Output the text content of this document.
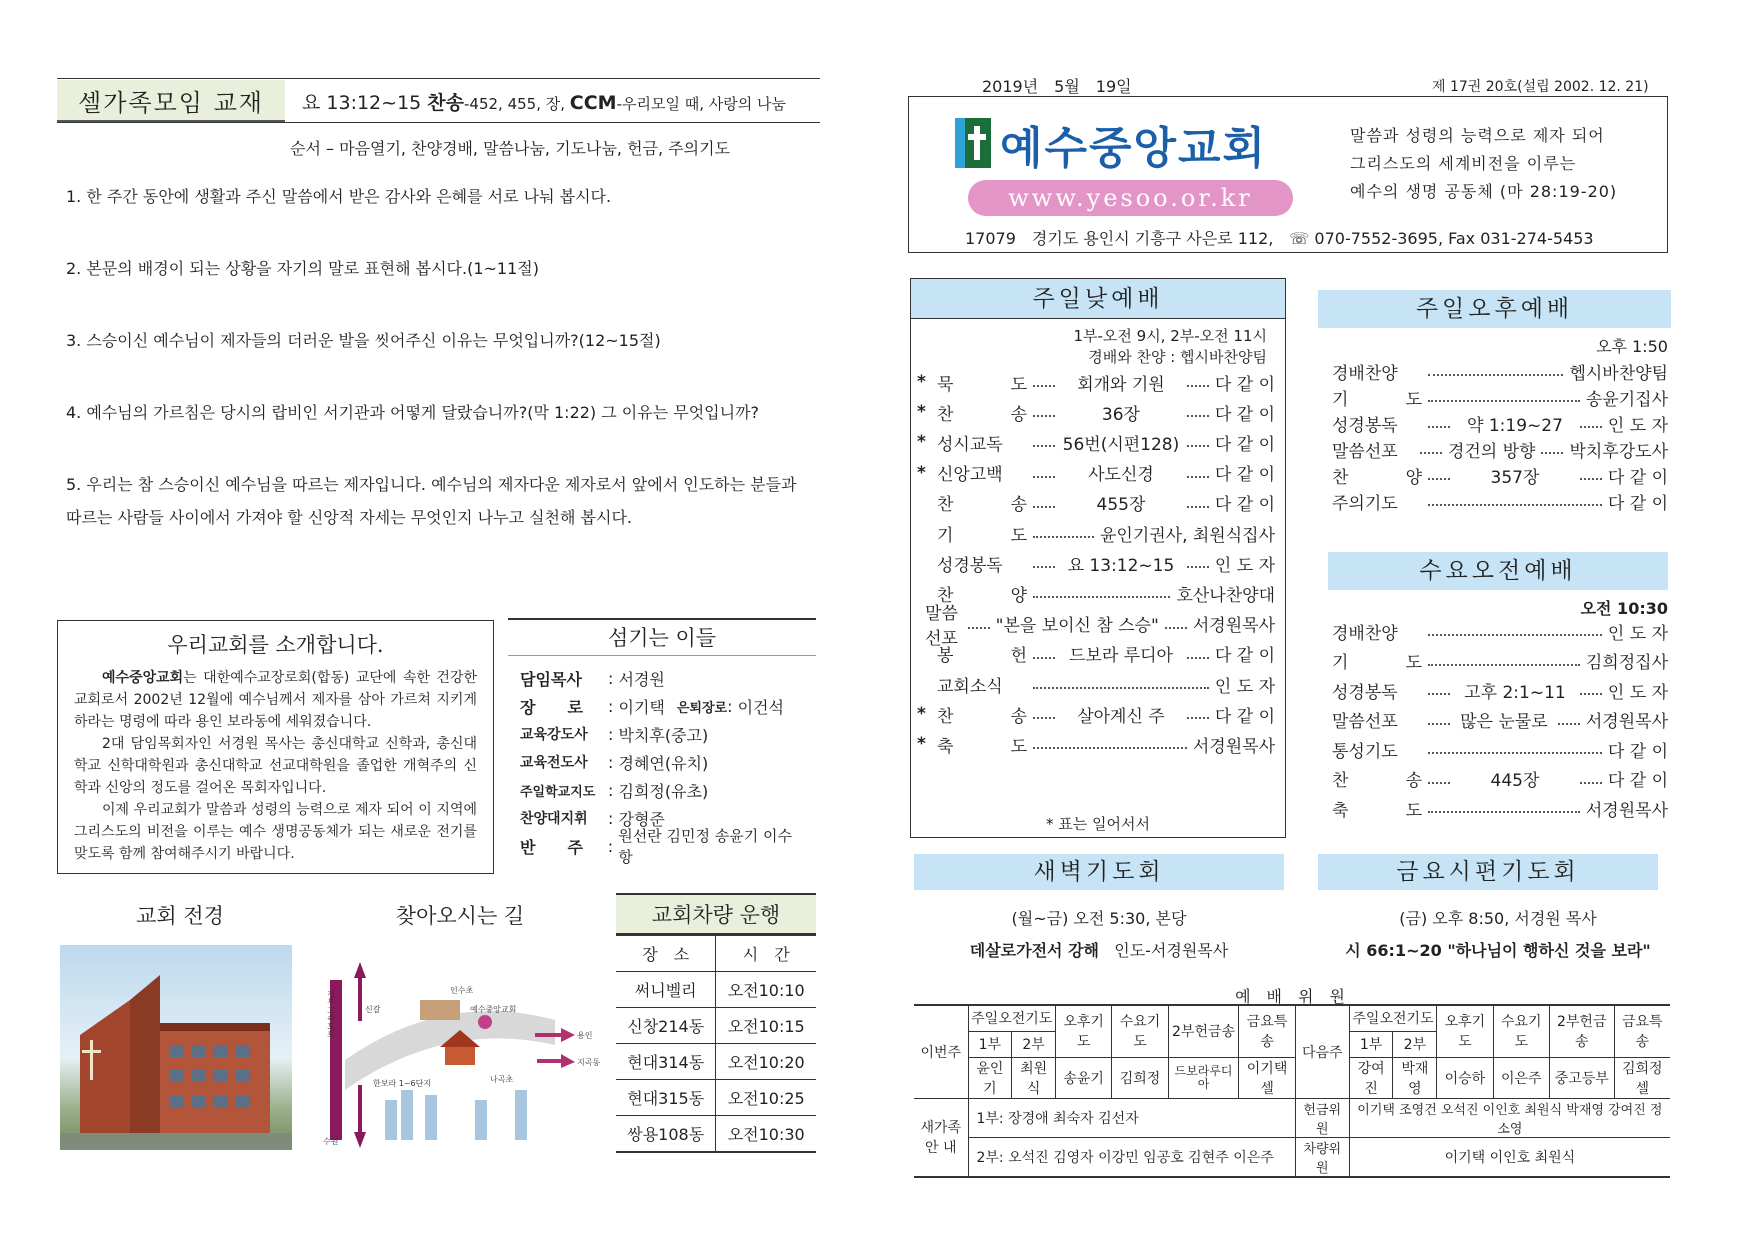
셀가족모임 교재	요 13:12~15 찬송-452, 455, 장, CCM-우리모일 때, 사랑의 나눔
순서 – 마음열기, 찬양경배, 말씀나눔, 기도나눔, 헌금, 주의기도
1. 한 주간 동안에 생활과 주신 말씀에서 받은 감사와 은혜를 서로 나눠 봅시다.
2. 본문의 배경이 되는 상황을 자기의 말로 표현해 봅시다.(1~11절)
3. 스승이신 예수님이 제자들의 더러운 발을 씻어주신 이유는 무엇입니까?(12~15절)
4. 예수님의 가르침은 당시의 랍비인 서기관과 어떻게 달랐습니까?(막 1:22) 그 이유는 무엇입니까?
5. 우리는 참 스승이신 예수님을 따르는 제자입니다. 예수님의 제자다운 제자로서 앞에서 인도하는 분들과 따르는 사람들 사이에서 가져야 할 신앙적 자세는 무엇인지 나누고 실천해 봅시다.
우리교회를 소개합니다.
예수중앙교회는 대한예수교장로회(합동) 교단에 속한 건강한 교회로서 2002년 12월에 예수님께서 제자를 삼아 가르쳐 지키게 하라는 명령에 따라 용인 보라동에 세워졌습니다.
2대 담임목회자인 서경원 목사는 총신대학교 신학과, 총신대학교 신학대학원과 총신대학교 선교대학원을 졸업한 개혁주의 신학과 신앙의 정도를 걸어온 목회자입니다.
이제 우리교회가 말씀과 성령의 능력으로 제자 되어 이 지역에 그리스도의 비전을 이루는 예수 생명공동체가 되는 새로운 전기를 맞도록 함께 참여해주시기 바랍니다.
섬기는 이들
담임목사	: 서경원
장　　로	: 이기택 은퇴장로 : 이건석
교육강도사	: 박치후(중고)
교육전도사	: 경혜연(유치)
주일학교지도 : 김희정(유초)
찬양대지휘	: 강형준
반　　주	:
원선란 김민정 송윤기 이수항
교회 전경	찾아오시는 길
경부고속도로	신갈
수원
예수중앙교회
용인
지곡동
한보라 1~6단지
인수초
나곡초
교회차량 운행
장　소	시　간
써니벨리	오전10:10
신창214동	오전10:15
현대314동	오전10:20
현대315동	오전10:25
쌍용108동	오전10:30
2019년　5월　19일	제 17권 20호(설립 2002. 12. 21)
예수중앙교회
www.yesoo.or.kr
말씀과 성령의 능력으로 제자 되어
그리스도의 세계비전을 이루는
예수의 생명 공동체 (마 28:19-20)
17079　경기도 용인시 기흥구 사은로 112,　☏ 070-7552-3695, Fax 031-274-5453
주일낮예배
1부-오전 9시, 2부-오전 11시
경배와 찬양 : 헵시바찬양팀
* 묵　도	회개와 기원	다 같 이
* 찬　송	36장	다 같 이
* 성시교독	56번(시편128) 다 같 이
* 신앙고백	사도신경	다 같 이
찬　송	455장	다 같 이
기　도	윤인기권사, 최원식집사
성경봉독	요 13:12~15	인 도 자
찬　양	호산나찬양대
말씀선포
"본을 보이신 참 스승" 서경원목사
봉　헌	드보라 루디아	다 같 이
교회소식	인 도 자
* 찬　송	살아계신 주	다 같 이
* 축　도	서경원목사
* 표는 일어서서
주일오후예배
오후 1:50
경배찬양	헵시바찬양팀
기　도	송윤기집사
성경봉독	약 1:19~27	인 도 자
말씀선포	경건의 방향 박치후강도사
찬　양	357장	다 같 이
주의기도	다 같 이
수요오전예배
오전 10:30
경배찬양	인 도 자
기　도	김희정집사
성경봉독	고후 2:1~11	인 도 자
말씀선포	많은 눈물로 서경원목사
통성기도	다 같 이
찬　송	445장	다 같 이
축　도	서경원목사
새벽기도회
(월~금) 오전 5:30, 본당
데살로가전서 강해 인도-서경원목사
금요시편기도회
(금) 오후 8:50, 서경원 목사
시 66:1~20 "하나님이 행하신 것을 보라"
예　배　위　원
이번주	주일오전기도		오후기도	수요기도	2부헌금송	금요특송	다음주	주일오전기도		오후기도	수요기도	2부헌금송	금요특송
	1부	2부						1부	2부				
	윤인기	최원식	송윤기	김희정	드보라루디아	이기택셀		강여진	박재영	이승하	이은주	중고등부	김희정셀
새가족안 내	1부: 장경애 최숙자 김선자						헌금위원	이기택 조영건 오석진 이인호 최원식 박재영 강여진 정소영					
	2부: 오석진 김영자 이강민 임공호 김현주 이은주						차량위원	이기택 이인호 최원식					
